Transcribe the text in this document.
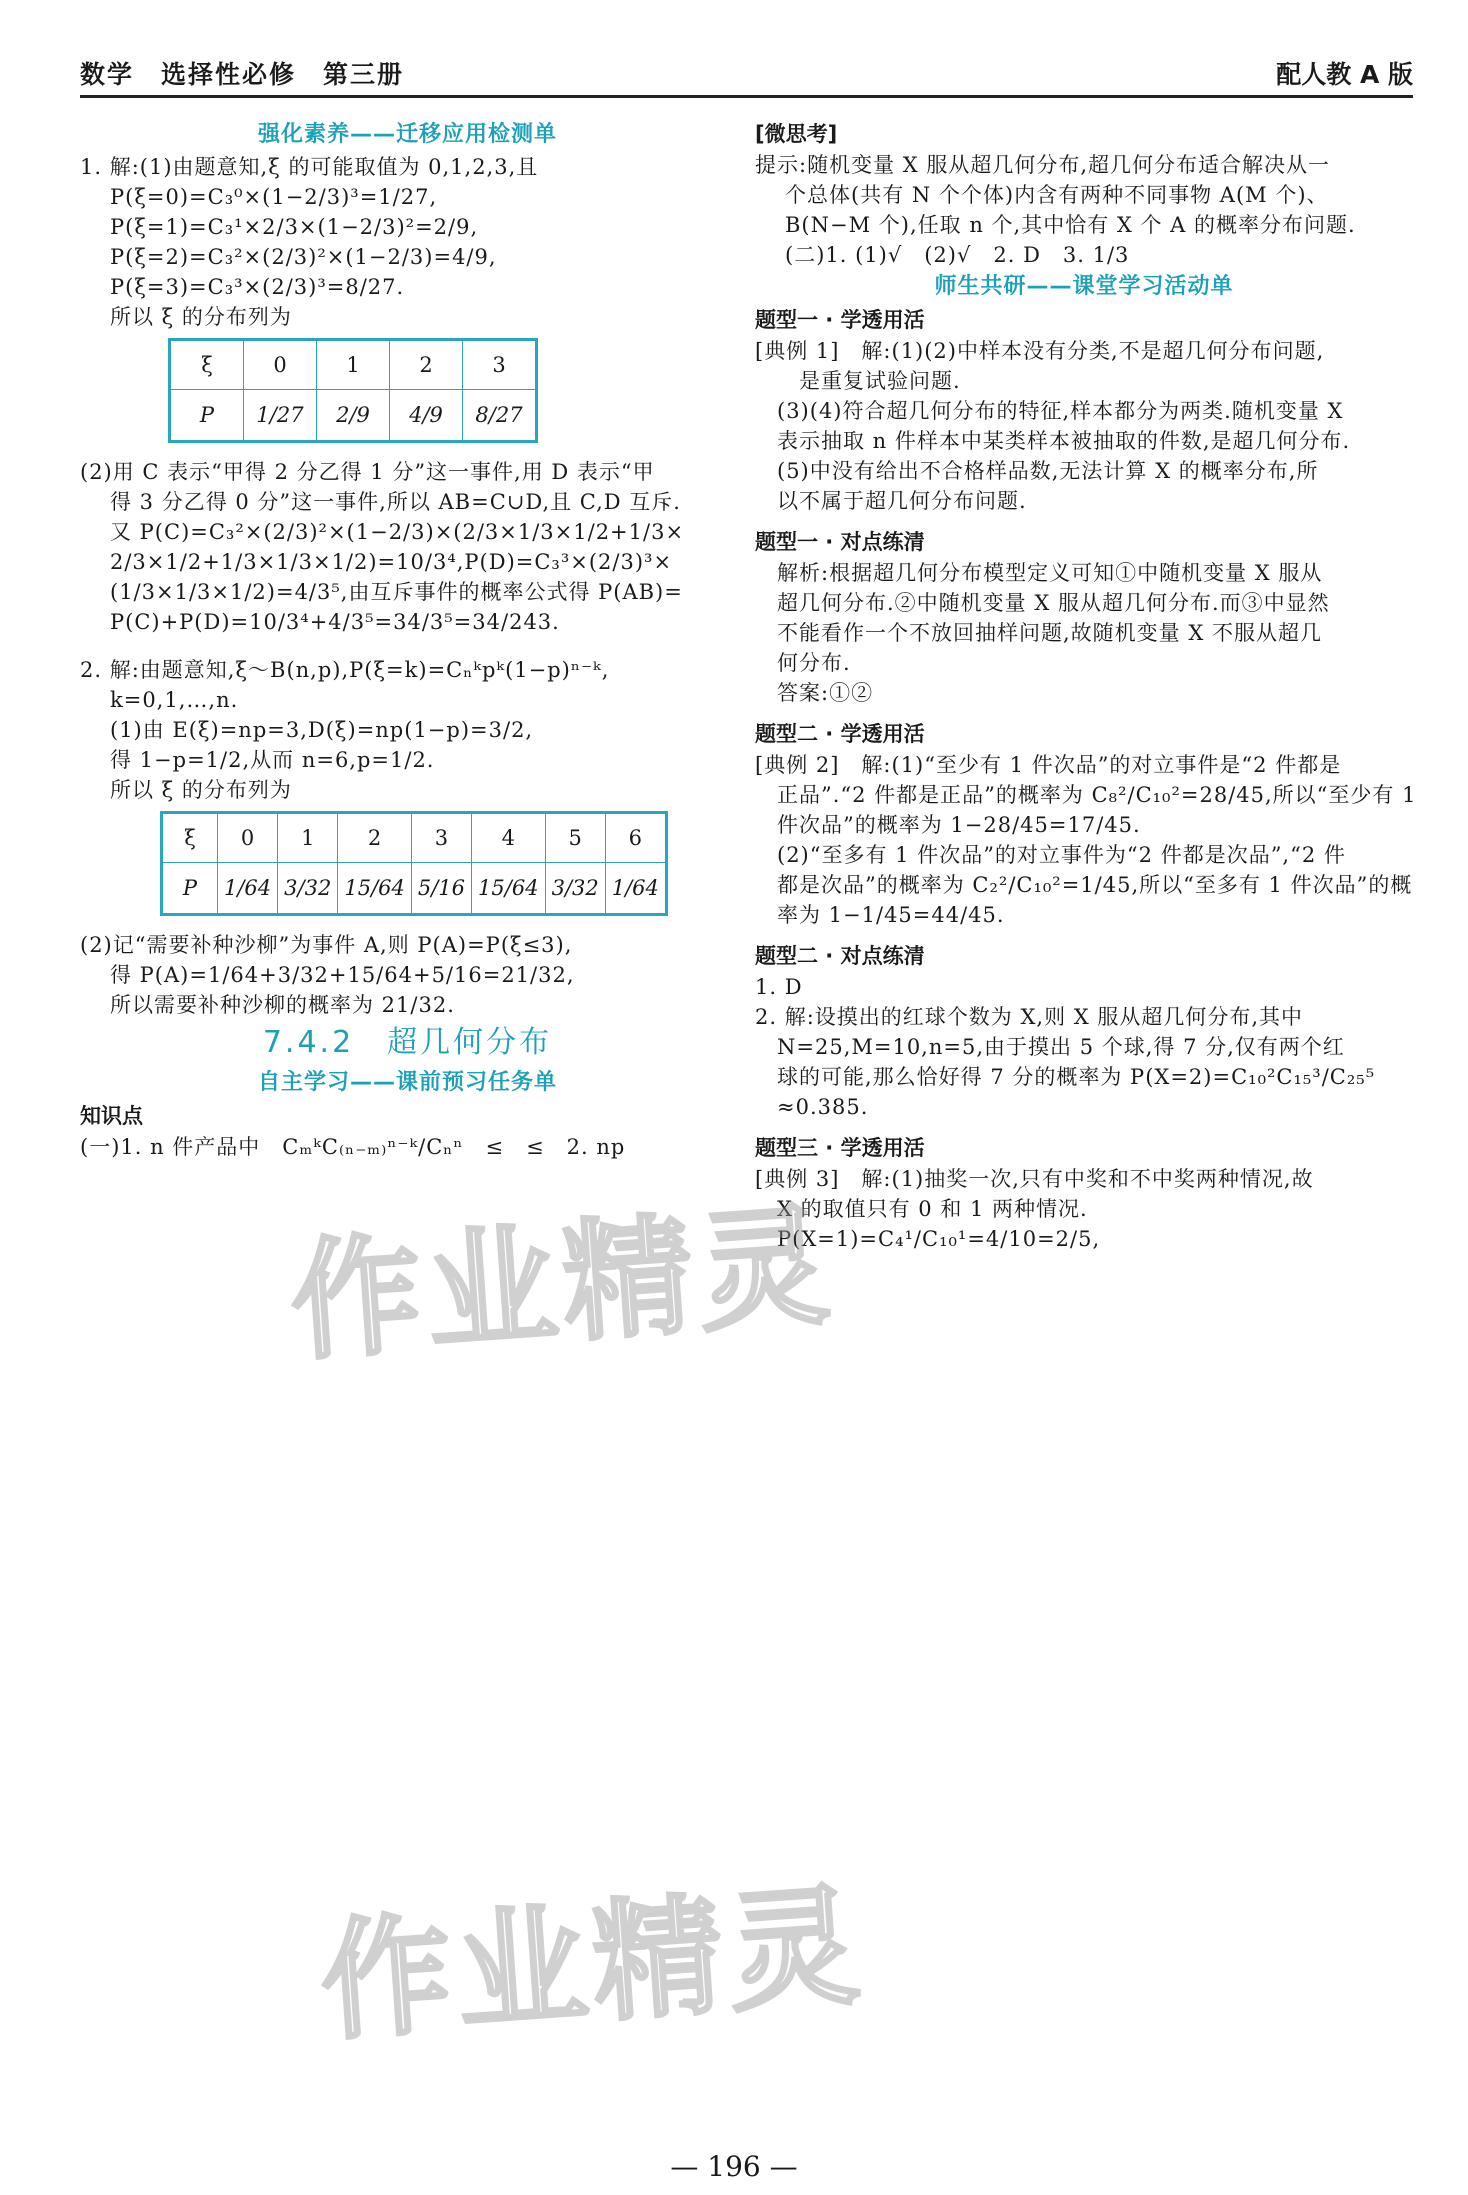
数学　选择性必修　第三册	配人教 A 版
强化素养——迁移应用检测单
1. 解:(1)由题意知,ξ 的可能取值为 0,1,2,3,且
P(ξ=0)=C₃⁰×(1−2/3)³=1/27,
P(ξ=1)=C₃¹×2/3×(1−2/3)²=2/9,
P(ξ=2)=C₃²×(2/3)²×(1−2/3)=4/9,
P(ξ=3)=C₃³×(2/3)³=8/27.
所以 ξ 的分布列为
ξ	0	1	2	3
P	1/27	2/9	4/9	8/27
(2)用 C 表示“甲得 2 分乙得 1 分”这一事件,用 D 表示“甲
得 3 分乙得 0 分”这一事件,所以 AB=C∪D,且 C,D 互斥.
又 P(C)=C₃²×(2/3)²×(1−2/3)×(2/3×1/3×1/2+1/3×
2/3×1/2+1/3×1/3×1/2)=10/3⁴,P(D)=C₃³×(2/3)³×
(1/3×1/3×1/2)=4/3⁵,由互斥事件的概率公式得 P(AB)=
P(C)+P(D)=10/3⁴+4/3⁵=34/3⁵=34/243.
2. 解:由题意知,ξ～B(n,p),P(ξ=k)=Cₙᵏpᵏ(1−p)ⁿ⁻ᵏ,
k=0,1,…,n.
(1)由 E(ξ)=np=3,D(ξ)=np(1−p)=3/2,
得 1−p=1/2,从而 n=6,p=1/2.
所以 ξ 的分布列为
ξ	0	1	2	3	4	5	6
P	1/64	3/32	15/64	5/16	15/64	3/32	1/64
(2)记“需要补种沙柳”为事件 A,则 P(A)=P(ξ≤3),
得 P(A)=1/64+3/32+15/64+5/16=21/32,
所以需要补种沙柳的概率为 21/32.
7.4.2　超几何分布
自主学习——课前预习任务单
知识点
(一)1. n 件产品中　CₘᵏC₍ₙ₋ₘ₎ⁿ⁻ᵏ/Cₙⁿ　≤　≤　2. np
[微思考]
提示:随机变量 X 服从超几何分布,超几何分布适合解决从一
个总体(共有 N 个个体)内含有两种不同事物 A(M 个)、
B(N−M 个),任取 n 个,其中恰有 X 个 A 的概率分布问题.
(二)1. (1)√　(2)√　2. D　3. 1/3
师生共研——课堂学习活动单
题型一 · 学透用活
[典例 1]　解:(1)(2)中样本没有分类,不是超几何分布问题,
　　是重复试验问题.
　(3)(4)符合超几何分布的特征,样本都分为两类.随机变量 X
　表示抽取 n 件样本中某类样本被抽取的件数,是超几何分布.
　(5)中没有给出不合格样品数,无法计算 X 的概率分布,所
　以不属于超几何分布问题.
题型一 · 对点练清
　解析:根据超几何分布模型定义可知①中随机变量 X 服从
　超几何分布.②中随机变量 X 服从超几何分布.而③中显然
　不能看作一个不放回抽样问题,故随机变量 X 不服从超几
　何分布.
　答案:①②
题型二 · 学透用活
[典例 2]　解:(1)“至少有 1 件次品”的对立事件是“2 件都是
　正品”.“2 件都是正品”的概率为 C₈²/C₁₀²=28/45,所以“至少有 1
　件次品”的概率为 1−28/45=17/45.
　(2)“至多有 1 件次品”的对立事件为“2 件都是次品”,“2 件
　都是次品”的概率为 C₂²/C₁₀²=1/45,所以“至多有 1 件次品”的概
　率为 1−1/45=44/45.
题型二 · 对点练清
1. D
2. 解:设摸出的红球个数为 X,则 X 服从超几何分布,其中
　N=25,M=10,n=5,由于摸出 5 个球,得 7 分,仅有两个红
　球的可能,那么恰好得 7 分的概率为 P(X=2)=C₁₀²C₁₅³/C₂₅⁵
　≈0.385.
题型三 · 学透用活
[典例 3]　解:(1)抽奖一次,只有中奖和不中奖两种情况,故
　X 的取值只有 0 和 1 两种情况.
　P(X=1)=C₄¹/C₁₀¹=4/10=2/5,
作业精灵
作业精灵
— 196 —
